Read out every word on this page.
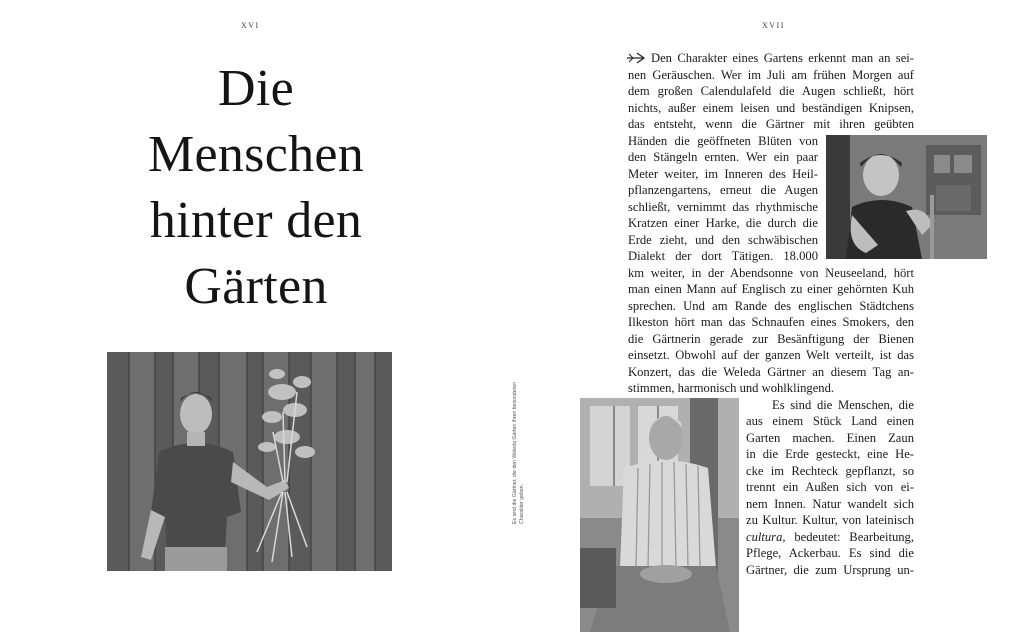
XVI	XVII
Die
Menschen
hinter den
Gärten
Es sind die Gärtner, die den Weleda Gärten ihren besonderen Charakter geben.
Den Charakter eines Gartens erkennt man an sei-
nen Geräuschen. Wer im Juli am frühen Morgen auf
dem großen Calendulafeld die Augen schließt, hört
nichts, außer einem leisen und beständigen Knipsen,
das entsteht, wenn die Gärtner mit ihren geübten
Händen die geöffneten Blüten von
den Stängeln ernten. Wer ein paar
Meter weiter, im Inneren des Heil-
pflanzengartens, erneut die Augen
schließt, vernimmt das rhythmische
Kratzen einer Harke, die durch die
Erde zieht, und den schwäbischen
Dialekt der dort Tätigen. 18.000
km weiter, in der Abendsonne von Neuseeland, hört
man einen Mann auf Englisch zu einer gehörnten Kuh
sprechen. Und am Rande des englischen Städtchens
Ilkeston hört man das Schnaufen eines Smokers, den
die Gärtnerin gerade zur Besänftigung der Bienen
einsetzt. Obwohl auf der ganzen Welt verteilt, ist das
Konzert, das die Weleda Gärtner an diesem Tag an-
stimmen, harmonisch und wohlklingend.
Es sind die Menschen, die
aus einem Stück Land einen
Garten machen. Einen Zaun
in die Erde gesteckt, eine He-
cke im Rechteck gepflanzt, so
trennt ein Außen sich von ei-
nem Innen. Natur wandelt sich
zu Kultur. Kultur, von lateinisch
cultura, bedeutet: Bearbeitung,
Pflege, Ackerbau. Es sind die
Gärtner, die zum Ursprung un-
